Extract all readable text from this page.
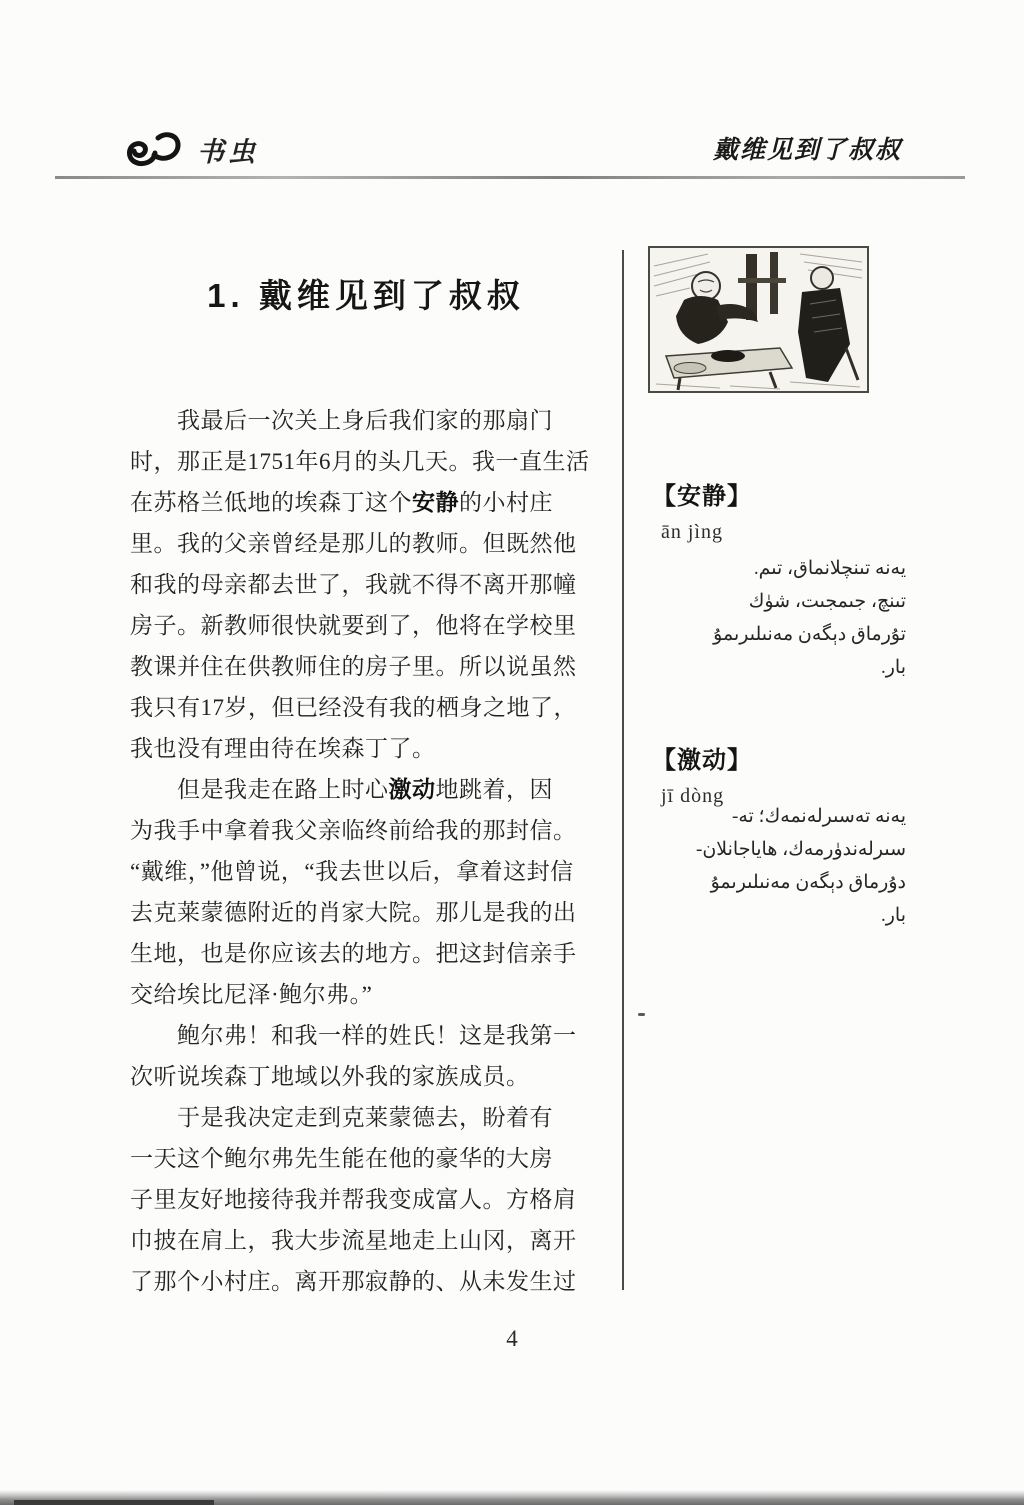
书虫	戴维见到了叔叔
1. 戴维见到了叔叔
我最后一次关上身后我们家的那扇门
时，那正是1751年6月的头几天。我一直生活
在苏格兰低地的埃森丁这个安静的小村庄
里。我的父亲曾经是那儿的教师。但既然他
和我的母亲都去世了，我就不得不离开那幢
房子。新教师很快就要到了，他将在学校里
教课并住在供教师住的房子里。所以说虽然
我只有17岁，但已经没有我的栖身之地了，
我也没有理由待在埃森丁了。
但是我走在路上时心激动地跳着，因
为我手中拿着我父亲临终前给我的那封信。
“戴维，”他曾说，“我去世以后，拿着这封信
去克莱蒙德附近的肖家大院。那儿是我的出
生地，也是你应该去的地方。把这封信亲手
交给埃比尼泽·鲍尔弗。”
鲍尔弗！和我一样的姓氏！这是我第一
次听说埃森丁地域以外我的家族成员。
于是我决定走到克莱蒙德去，盼着有
一天这个鲍尔弗先生能在他的豪华的大房
子里友好地接待我并帮我变成富人。方格肩
巾披在肩上，我大步流星地走上山冈，离开
了那个小村庄。离开那寂静的、从未发生过
【安静】
ān jìng
يەنە تىنچلانماق، تىم.
تىنچ، جىمجىت، شۈك
تۇرماق دېگەن مەنىلىرىمۇ
بار.
【激动】
jī dòng
يەنە تەسىرلەنمەك؛ تە-
سىرلەندۈرمەك، ھاياجانلان-
دۇرماق دېگەن مەنىلىرىمۇ
بار.
4
